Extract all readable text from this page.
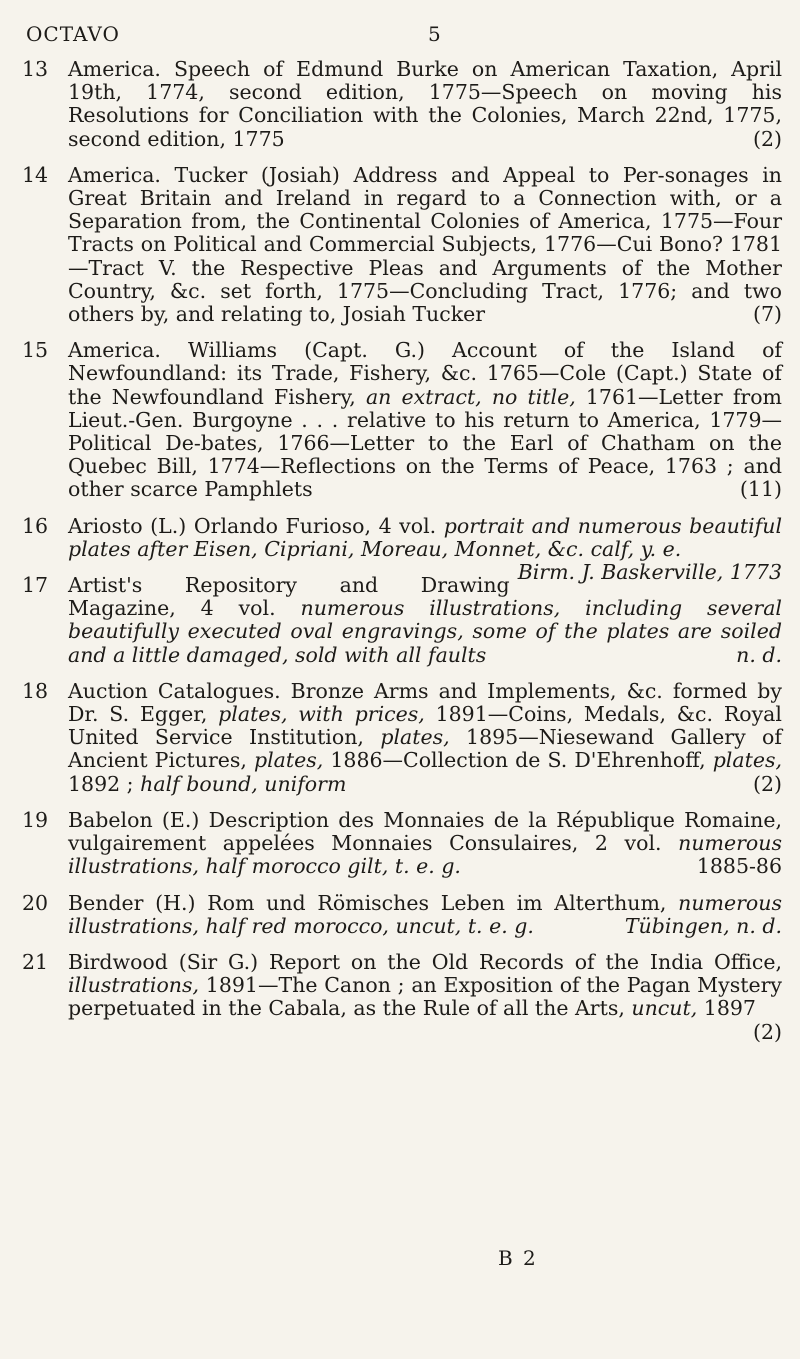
OCTAVO	5
13 America. Speech of Edmund Burke on American Taxation, April 19th, 1774, second edition, 1775—Speech on moving his Resolutions for Conciliation with the Colonies, March 22nd, 1775, second edition, 1775	(2)
14 America. Tucker (Josiah) Address and Appeal to Per-sonages in Great Britain and Ireland in regard to a Connection with, or a Separation from, the Continental Colonies of America, 1775—Four Tracts on Political and Commercial Subjects, 1776—Cui Bono? 1781—Tract V. the Respective Pleas and Arguments of the Mother Country, &c. set forth, 1775—Concluding Tract, 1776; and two others by, and relating to, Josiah Tucker	(7)
15 America. Williams (Capt. G.) Account of the Island of Newfoundland: its Trade, Fishery, &c. 1765—Cole (Capt.) State of the Newfoundland Fishery, an extract, no title, 1761—Letter from Lieut.-Gen. Burgoyne . . . relative to his return to America, 1779—Political De-bates, 1766—Letter to the Earl of Chatham on the Quebec Bill, 1774—Reflections on the Terms of Peace, 1763 ; and other scarce Pamphlets	(11)
16 Ariosto (L.) Orlando Furioso, 4 vol. portrait and numerous beautiful plates after Eisen, Cipriani, Moreau, Monnet, &c. calf, y. e.
Birm. J. Baskerville, 1773
17 Artist's Repository and Drawing Magazine, 4 vol. numerous illustrations, including several beautifully executed oval engravings, some of the plates are soiled and a little damaged, sold with all faults	n. d.
18 Auction Catalogues. Bronze Arms and Implements, &c. formed by Dr. S. Egger, plates, with prices, 1891—Coins, Medals, &c. Royal United Service Institution, plates, 1895—Niesewand Gallery of Ancient Pictures, plates, 1886—Collection de S. D'Ehrenhoff, plates, 1892 ; half bound, uniform	(2)
19 Babelon (E.) Description des Monnaies de la République Romaine, vulgairement appelées Monnaies Consulaires, 2 vol. numerous illustrations, half morocco gilt, t. e. g.	1885-86
20 Bender (H.) Rom und Römisches Leben im Alterthum, numerous illustrations, half red morocco, uncut, t. e. g.	Tübingen, n. d.
21 Birdwood (Sir G.) Report on the Old Records of the India Office, illustrations, 1891—The Canon ; an Exposition of the Pagan Mystery perpetuated in the Cabala, as the Rule of all the Arts, uncut, 1897
(2)
B 2
